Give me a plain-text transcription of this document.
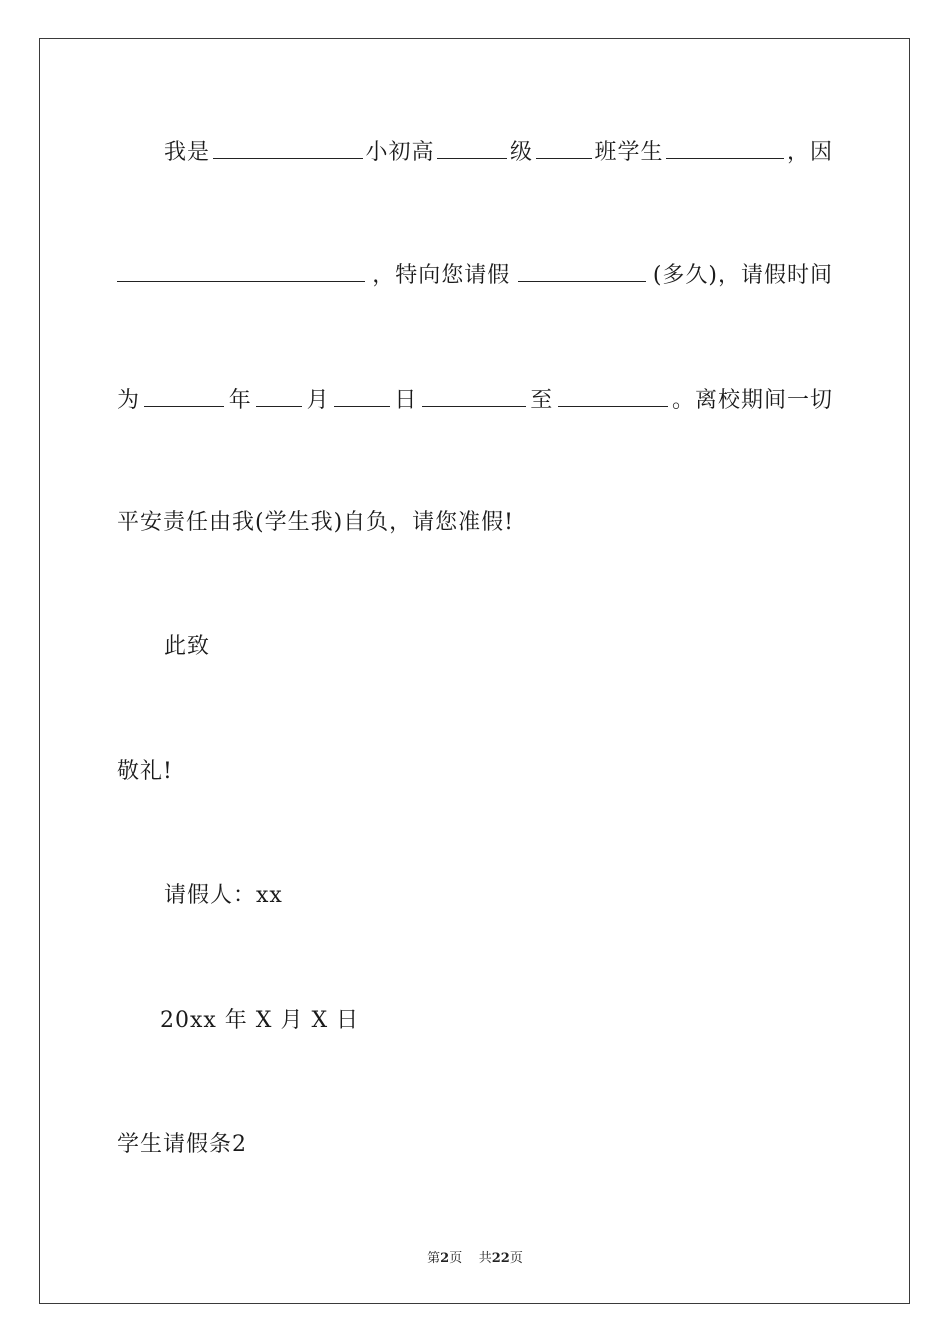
我是	小初高	级	班学生	，因
，特向您请假	(多久)，请假时间
为	年 月	日	至	。离校期间一切
平安责任由我(学生我)自负，请您准假!
此致
敬礼!
请假人：xx
20xx 年 X 月 X 日
学生请假条2
第2页 共22页
